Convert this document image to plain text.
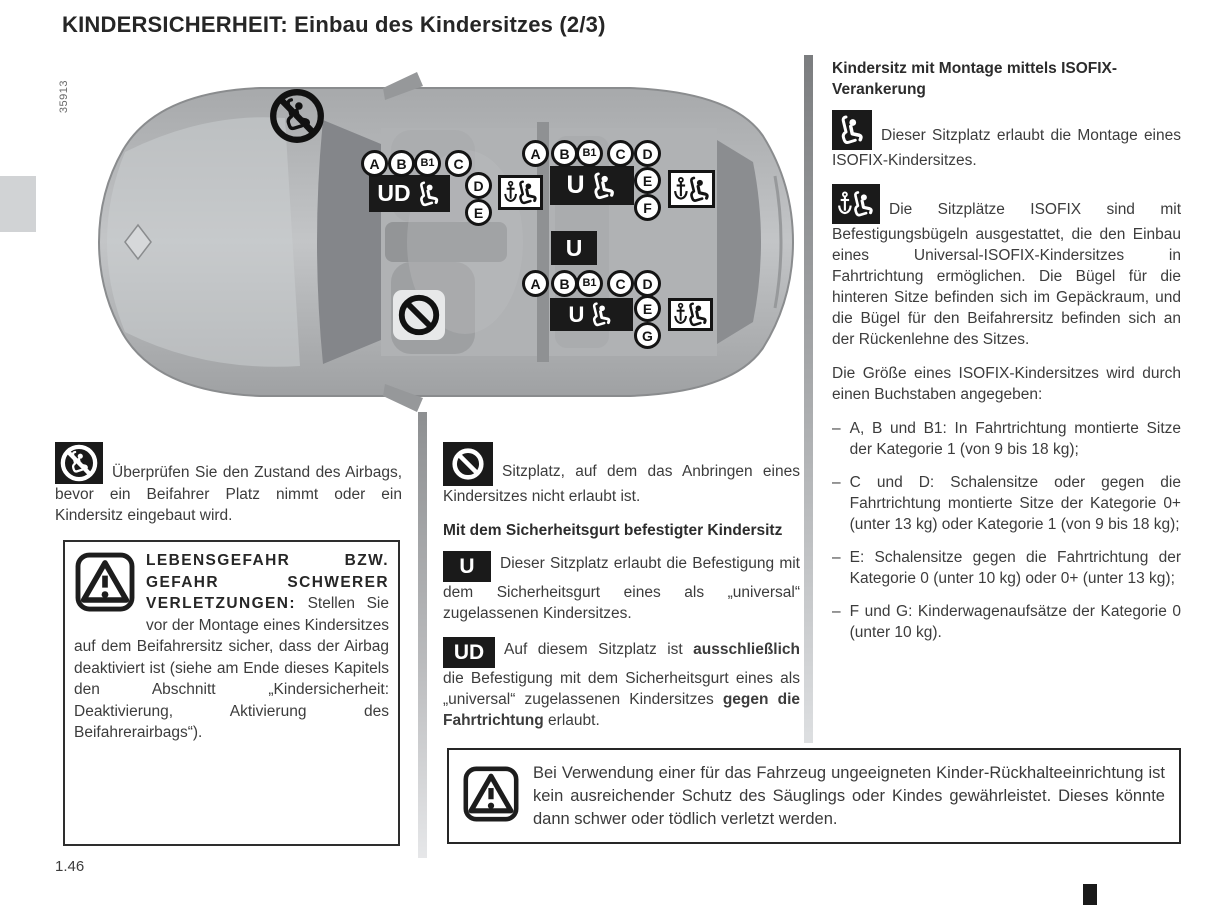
KINDERSICHERHEIT: Einbau des Kindersitzes (2/3)
35913
A	B	B1	C
UD	D
E
A	B	B1	C	D
U	E
F
U
A	B	B1	C	D
U	E
G

Überprüfen Sie den Zustand des Airbags, bevor ein Beifahrer Platz nimmt oder ein Kindersitz eingebaut wird.

LEBENSGEFAHR BZW. GEFAHR SCHWERER VERLETZUNGEN: Stellen Sie vor der Montage eines Kindersitzes auf dem Beifahrersitz sicher, dass der Airbag deaktiviert ist (siehe am Ende dieses Kapitels den Abschnitt „Kindersicherheit: Deaktivierung, Aktivierung des Beifahrerairbags“).

Sitzplatz, auf dem das Anbringen eines Kindersitzes nicht erlaubt ist.

Mit dem Sicherheitsgurt befestigter Kindersitz

U Dieser Sitzplatz erlaubt die Befestigung mit dem Sicherheitsgurt eines als „universal“ zugelassenen Kindersitzes.

UD Auf diesem Sitzplatz ist ausschließlich die Befestigung mit dem Sicherheitsgurt eines als „universal“ zugelassenen Kindersitzes gegen die Fahrtrichtung erlaubt.

Kindersitz mit Montage mittels ISOFIX-Verankerung

Dieser Sitzplatz erlaubt die Montage eines ISOFIX-Kindersitzes.

Die Sitzplätze ISOFIX sind mit Befestigungsbügeln ausgestattet, die den Einbau eines Universal-ISOFIX-Kindersitzes in Fahrtrichtung ermöglichen. Die Bügel für die hinteren Sitze befinden sich im Gepäckraum, und die Bügel für den Beifahrersitz befinden sich an der Rückenlehne des Sitzes.

Die Größe eines ISOFIX-Kindersitzes wird durch einen Buchstaben angegeben:

– A, B und B1: In Fahrtrichtung montierte Sitze der Kategorie 1 (von 9 bis 18 kg);
– C und D: Schalensitze oder gegen die Fahrtrichtung montierte Sitze der Kategorie 0+ (unter 13 kg) oder Kategorie 1 (von 9 bis 18 kg);
– E: Schalensitze gegen die Fahrtrichtung der Kategorie 0 (unter 10 kg) oder 0+ (unter 13 kg);
– F und G: Kinderwagenaufsätze der Kategorie 0 (unter 10 kg).
Bei Verwendung einer für das Fahrzeug ungeeigneten Kinder-Rückhalteeinrichtung ist kein ausreichender Schutz des Säuglings oder Kindes gewährleistet. Dieses könnte dann schwer oder tödlich verletzt werden.
1.46
